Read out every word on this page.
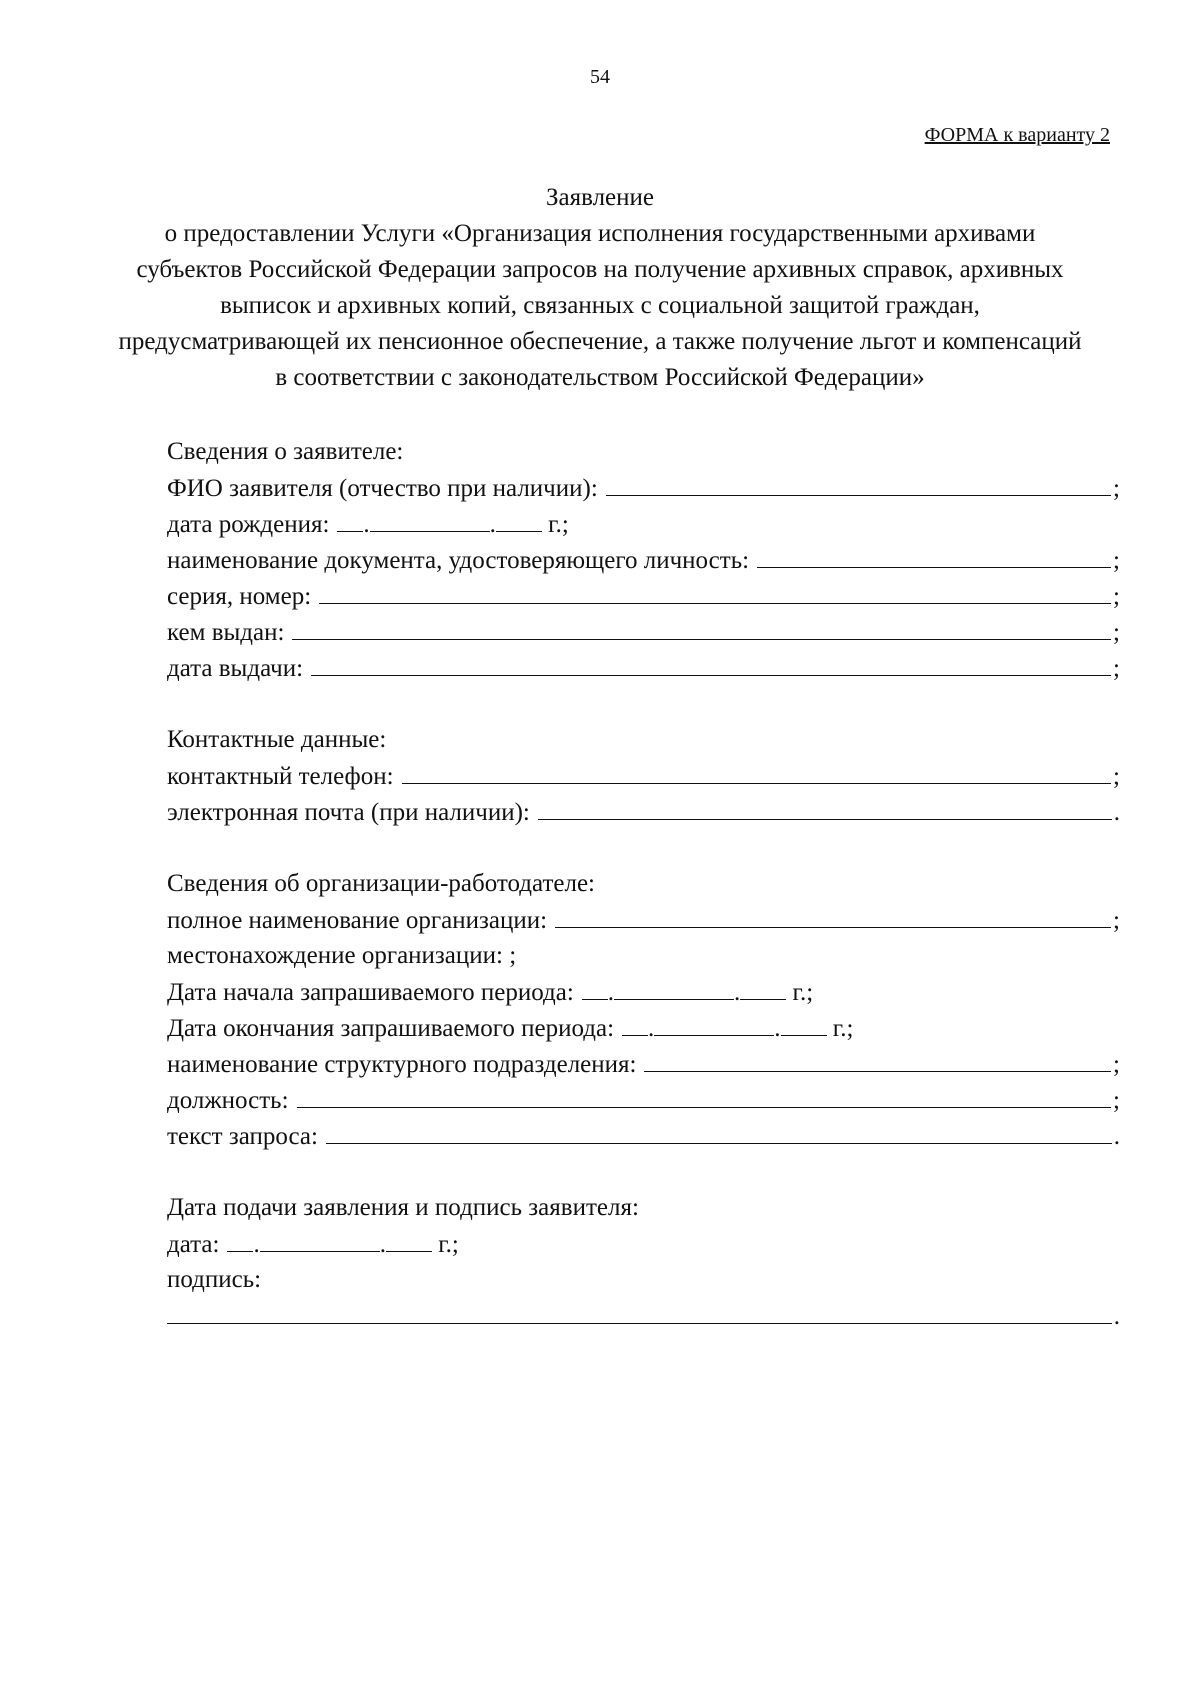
54
ФОРМА к варианту 2
Заявление
о предоставлении Услуги «Организация исполнения государственными архивами
субъектов Российской Федерации запросов на получение архивных справок, архивных
выписок и архивных копий, связанных с социальной защитой граждан,
предусматривающей их пенсионное обеспечение, а также получение льгот и компенсаций
в соответствии с законодательством Российской Федерации»
Сведения о заявителе:
ФИО заявителя (отчество при наличии):	;
дата рождения: .	.
г.;
наименование документа, удостоверяющего личность:	;
серия, номер:	;
кем выдан:	;
дата выдачи:	;
Контактные данные:
контактный телефон:	;
электронная почта (при наличии):	.
Сведения об организации-работодателе:
полное наименование организации:	;
местонахождение организации: ;
Дата начала запрашиваемого периода: .	.
г.;
Дата окончания запрашиваемого периода: .	.
г.;
наименование структурного подразделения:	;
должность:	;
текст запроса:	.
Дата подачи заявления и подпись заявителя:
дата: .	.
г.;
подпись:
.
